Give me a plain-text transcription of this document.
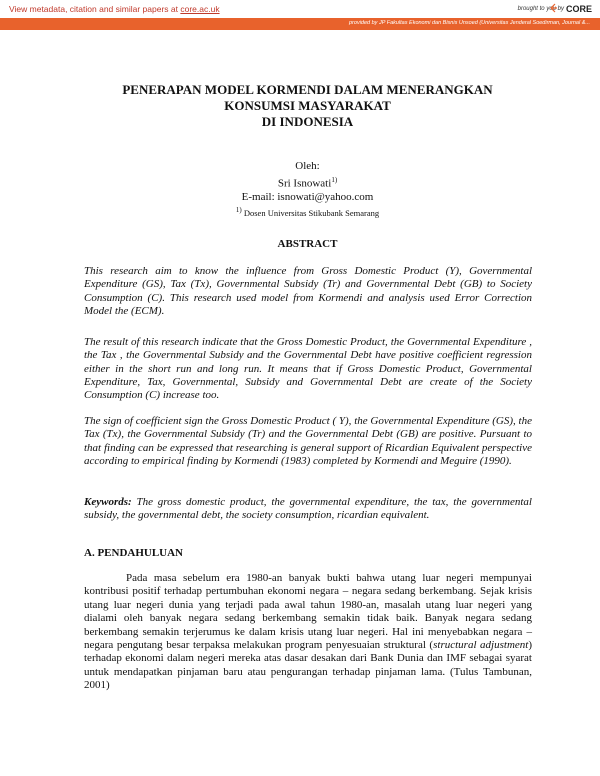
View metadata, citation and similar papers at core.ac.uk	brought to you by CORE
provided by JP Fakultas Ekonomi dan Bisnis Unsoed (Universitas Jenderal Soedirman, Journal &...
PENERAPAN MODEL KORMENDI DALAM MENERANGKAN
KONSUMSI MASYARAKAT
DI INDONESIA
Oleh:
Sri Isnowati$^{1)}$
E-mail: isnowati@yahoo.com
$^{1)}$ Dosen Universitas Stikubank Semarang
ABSTRACT

This research aim to know the influence from Gross Domestic Product (Y), Governmental Expenditure (GS), Tax (Tx), Governmental Subsidy (Tr) and Governmental Debt (GB) to Society Consumption (C). This research used model from Kormendi and analysis used Error Correction Model the (ECM).

The result of this research indicate that the Gross Domestic Product, the Governmental Expenditure , the Tax , the Governmental Subsidy and the Governmental Debt have positive coefficient regression either in the short run and long run. It means that if Gross Domestic Product, Governmental Expenditure, Tax, Governmental, Subsidy and Governmental Debt are create of the Society Consumption (C) increase too.

The sign of coefficient sign the Gross Domestic Product ( Y), the Governmental Expenditure (GS), the Tax (Tx), the Governmental Subsidy (Tr) and the Governmental Debt (GB) are positive. Pursuant to that finding can be expressed that researching is general support of Ricardian Equivalent perspective according to empirical finding by Kormendi (1983) completed by Kormendi and Meguire (1990).

Keywords: The gross domestic product, the governmental expenditure, the tax, the governmental subsidy, the governmental debt, the society consumption, ricardian equivalent.

A. PENDAHULUAN

Pada masa sebelum era 1980-an banyak bukti bahwa utang luar negeri mempunyai kontribusi positif terhadap pertumbuhan ekonomi negara – negara sedang berkembang. Sejak krisis utang luar negeri dunia yang terjadi pada awal tahun 1980-an, masalah utang luar negeri yang dialami oleh banyak negara sedang berkembang semakin tidak baik. Banyak negara sedang berkembang semakin terjerumus ke dalam krisis utang luar negeri. Hal ini menyebabkan negara – negara pengutang besar terpaksa melakukan program penyesuaian struktural (structural adjustment) terhadap ekonomi dalam negeri mereka atas dasar desakan dari Bank Dunia dan IMF sebagai syarat untuk mendapatkan pinjaman baru atau pengurangan terhadap pinjaman lama. (Tulus Tambunan, 2001)
